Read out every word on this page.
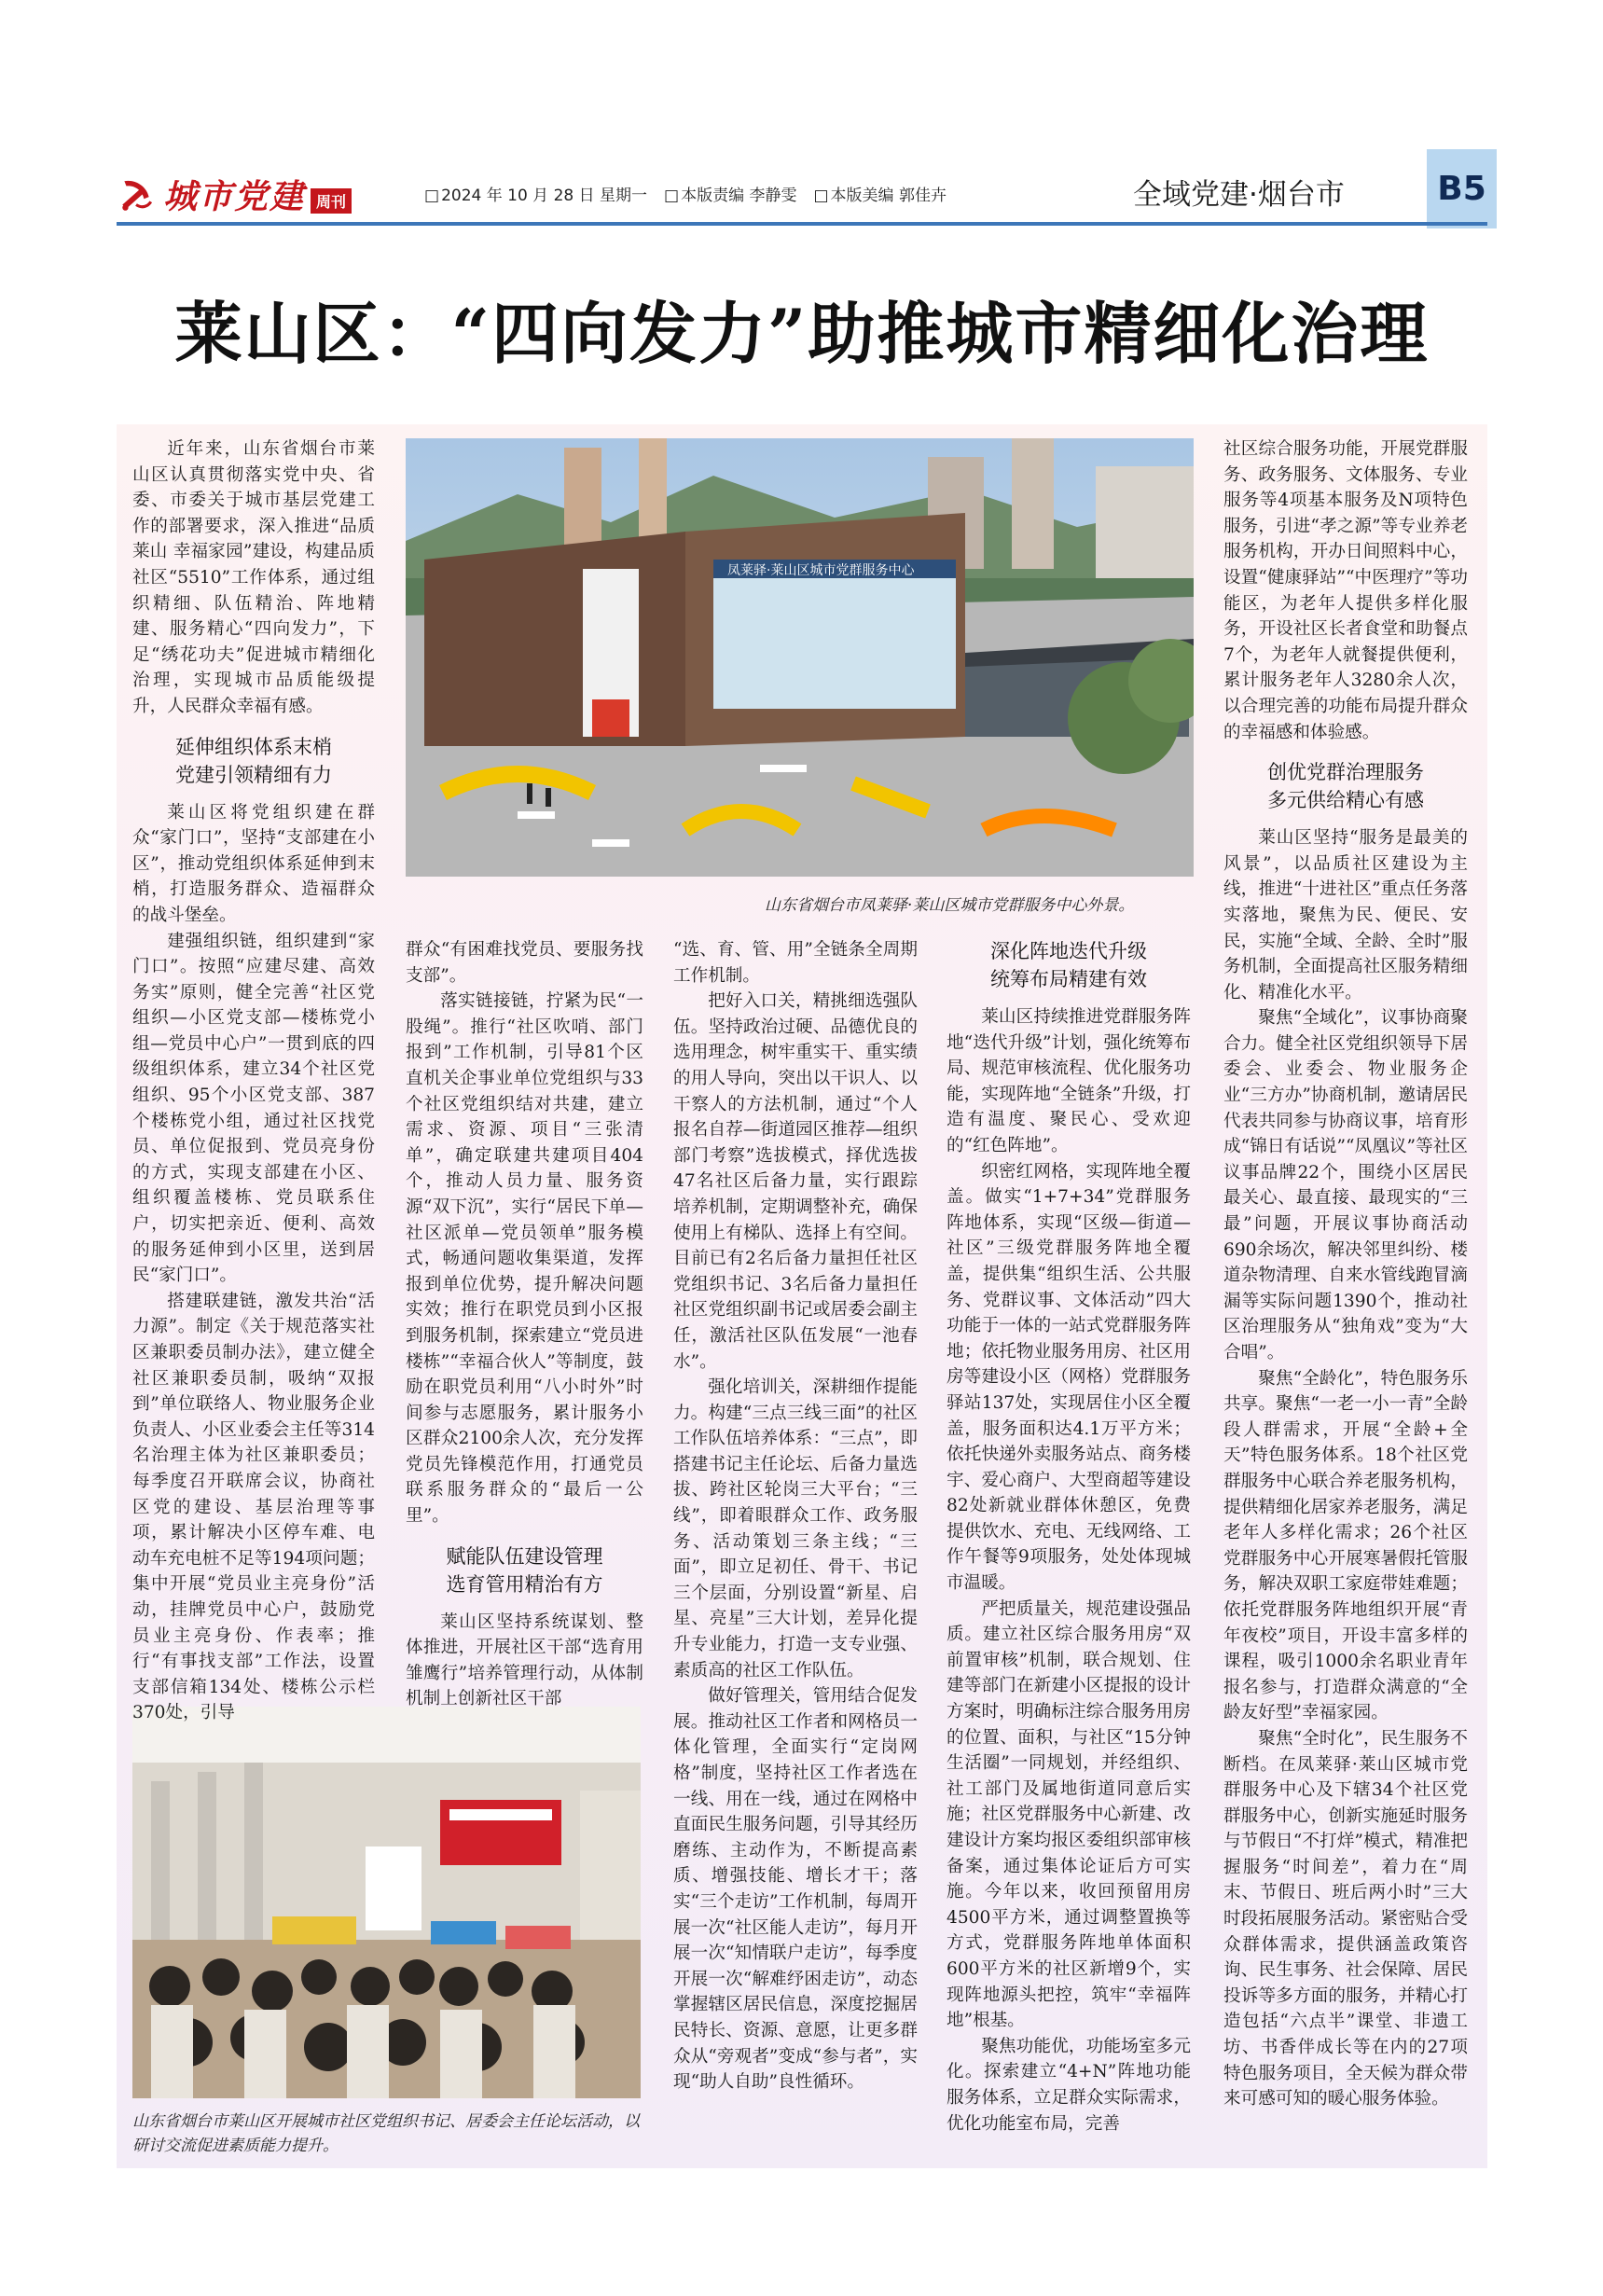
城市党建 周刊	□ 2024 年 10 月 28 日 星期一	□ 本版责编 李静雯	□ 本版美编 郭佳卉	全域党建·烟台市	B5
莱山区：“四向发力”助推城市精细化治理
凤莱驿·莱山区城市党群服务中心
山东省烟台市凤莱驿·莱山区城市党群服务中心外景。
山东省烟台市莱山区开展城市社区党组织书记、居委会主任论坛活动，以研讨交流促进素质能力提升。

近年来，山东省烟台市莱山区认真贯彻落实党中央、省委、市委关于城市基层党建工作的部署要求，深入推进“品质莱山 幸福家园”建设，构建品质社区“5510”工作体系，通过组织精细、队伍精治、阵地精建、服务精心“四向发力”，下足“绣花功夫”促进城市精细化治理，实现城市品质能级提升，人民群众幸福有感。

延伸组织体系末梢
党建引领精细有力

莱山区将党组织建在群众“家门口”，坚持“支部建在小区”，推动党组织体系延伸到末梢，打造服务群众、造福群众的战斗堡垒。

建强组织链，组织建到“家门口”。按照“应建尽建、高效务实”原则，健全完善“社区党组织—小区党支部—楼栋党小组—党员中心户”一贯到底的四级组织体系，建立34个社区党组织、95个小区党支部、387个楼栋党小组，通过社区找党员、单位促报到、党员亮身份的方式，实现支部建在小区、组织覆盖楼栋、党员联系住户，切实把亲近、便利、高效的服务延伸到小区里，送到居民“家门口”。

搭建联建链，激发共治“活力源”。制定《关于规范落实社区兼职委员制办法》，建立健全社区兼职委员制，吸纳“双报到”单位联络人、物业服务企业负责人、小区业委会主任等314名治理主体为社区兼职委员；每季度召开联席会议，协商社区党的建设、基层治理等事项，累计解决小区停车难、电动车充电桩不足等194项问题；集中开展“党员业主亮身份”活动，挂牌党员中心户，鼓励党员业主亮身份、作表率；推行“有事找支部”工作法，设置支部信箱134处、楼栋公示栏370处，引导

群众“有困难找党员、要服务找支部”。

落实链接链，拧紧为民“一股绳”。推行“社区吹哨、部门报到”工作机制，引导81个区直机关企事业单位党组织与33个社区党组织结对共建，建立需求、资源、项目“三张清单”，确定联建共建项目404个，推动人员力量、服务资源“双下沉”，实行“居民下单—社区派单—党员领单”服务模式，畅通问题收集渠道，发挥报到单位优势，提升解决问题实效；推行在职党员到小区报到服务机制，探索建立“党员进楼栋”“幸福合伙人”等制度，鼓励在职党员利用“八小时外”时间参与志愿服务，累计服务小区群众2100余人次，充分发挥党员先锋模范作用，打通党员联系服务群众的“最后一公里”。

赋能队伍建设管理
选育管用精治有方

莱山区坚持系统谋划、整体推进，开展社区干部“选育用 雏鹰行”培养管理行动，从体制机制上创新社区干部

“选、育、管、用”全链条全周期工作机制。

把好入口关，精挑细选强队伍。坚持政治过硬、品德优良的选用理念，树牢重实干、重实绩的用人导向，突出以干识人、以干察人的方法机制，通过“个人报名自荐—街道园区推荐—组织部门考察”选拔模式，择优选拔47名社区后备力量，实行跟踪培养机制，定期调整补充，确保使用上有梯队、选择上有空间。目前已有2名后备力量担任社区党组织书记、3名后备力量担任社区党组织副书记或居委会副主任，激活社区队伍发展“一池春水”。

强化培训关，深耕细作提能力。构建“三点三线三面”的社区工作队伍培养体系：“三点”，即搭建书记主任论坛、后备力量选拔、跨社区轮岗三大平台；“三线”，即着眼群众工作、政务服务、活动策划三条主线；“三面”，即立足初任、骨干、书记三个层面，分别设置“新星、启星、亮星”三大计划，差异化提升专业能力，打造一支专业强、素质高的社区工作队伍。

做好管理关，管用结合促发展。推动社区工作者和网格员一体化管理，全面实行“定岗网格”制度，坚持社区工作者选在一线、用在一线，通过在网格中直面民生服务问题，引导其经历磨练、主动作为，不断提高素质、增强技能、增长才干；落实“三个走访”工作机制，每周开展一次“社区能人走访”，每月开展一次“知情联户走访”，每季度开展一次“解难纾困走访”，动态掌握辖区居民信息，深度挖掘居民特长、资源、意愿，让更多群众从“旁观者”变成“参与者”，实现“助人自助”良性循环。

深化阵地迭代升级
统筹布局精建有效

莱山区持续推进党群服务阵地“迭代升级”计划，强化统筹布局、规范审核流程、优化服务功能，实现阵地“全链条”升级，打造有温度、聚民心、受欢迎的“红色阵地”。

织密红网格，实现阵地全覆盖。做实“1+7+34”党群服务阵地体系，实现“区级—街道—社区”三级党群服务阵地全覆盖，提供集“组织生活、公共服务、党群议事、文体活动”四大功能于一体的一站式党群服务阵地；依托物业服务用房、社区用房等建设小区（网格）党群服务驿站137处，实现居住小区全覆盖，服务面积达4.1万平方米；依托快递外卖服务站点、商务楼宇、爱心商户、大型商超等建设82处新就业群体休憩区，免费提供饮水、充电、无线网络、工作午餐等9项服务，处处体现城市温暖。

严把质量关，规范建设强品质。建立社区综合服务用房“双前置审核”机制，联合规划、住建等部门在新建小区提报的设计方案时，明确标注综合服务用房的位置、面积，与社区“15分钟生活圈”一同规划，并经组织、社工部门及属地街道同意后实施；社区党群服务中心新建、改建设计方案均报区委组织部审核备案，通过集体论证后方可实施。今年以来，收回预留用房4500平方米，通过调整置换等方式，党群服务阵地单体面积600平方米的社区新增9个，实现阵地源头把控，筑牢“幸福阵地”根基。

聚焦功能优，功能场室多元化。探索建立“4+N”阵地功能服务体系，立足群众实际需求，优化功能室布局，完善

社区综合服务功能，开展党群服务、政务服务、文体服务、专业服务等4项基本服务及N项特色服务，引进“孝之源”等专业养老服务机构，开办日间照料中心，设置“健康驿站”“中医理疗”等功能区，为老年人提供多样化服务，开设社区长者食堂和助餐点7个，为老年人就餐提供便利，累计服务老年人3280余人次，以合理完善的功能布局提升群众的幸福感和体验感。

创优党群治理服务
多元供给精心有感

莱山区坚持“服务是最美的风景”，以品质社区建设为主线，推进“十进社区”重点任务落实落地，聚焦为民、便民、安民，实施“全域、全龄、全时”服务机制，全面提高社区服务精细化、精准化水平。

聚焦“全域化”，议事协商聚合力。健全社区党组织领导下居委会、业委会、物业服务企业“三方办”协商机制，邀请居民代表共同参与协商议事，培育形成“锦日有话说”“凤凰议”等社区议事品牌22个，围绕小区居民最关心、最直接、最现实的“三最”问题，开展议事协商活动690余场次，解决邻里纠纷、楼道杂物清理、自来水管线跑冒滴漏等实际问题1390个，推动社区治理服务从“独角戏”变为“大合唱”。

聚焦“全龄化”，特色服务乐共享。聚焦“一老一小一青”全龄段人群需求，开展“全龄+全天”特色服务体系。18个社区党群服务中心联合养老服务机构，提供精细化居家养老服务，满足老年人多样化需求；26个社区党群服务中心开展寒暑假托管服务，解决双职工家庭带娃难题；依托党群服务阵地组织开展“青年夜校”项目，开设丰富多样的课程，吸引1000余名职业青年报名参与，打造群众满意的“全龄友好型”幸福家园。

聚焦“全时化”，民生服务不断档。在凤莱驿·莱山区城市党群服务中心及下辖34个社区党群服务中心，创新实施延时服务与节假日“不打烊”模式，精准把握服务“时间差”，着力在“周末、节假日、班后两小时”三大时段拓展服务活动。紧密贴合受众群体需求，提供涵盖政策咨询、民生事务、社会保障、居民投诉等多方面的服务，并精心打造包括“六点半”课堂、非遗工坊、书香伴成长等在内的27项特色服务项目，全天候为群众带来可感可知的暖心服务体验。
